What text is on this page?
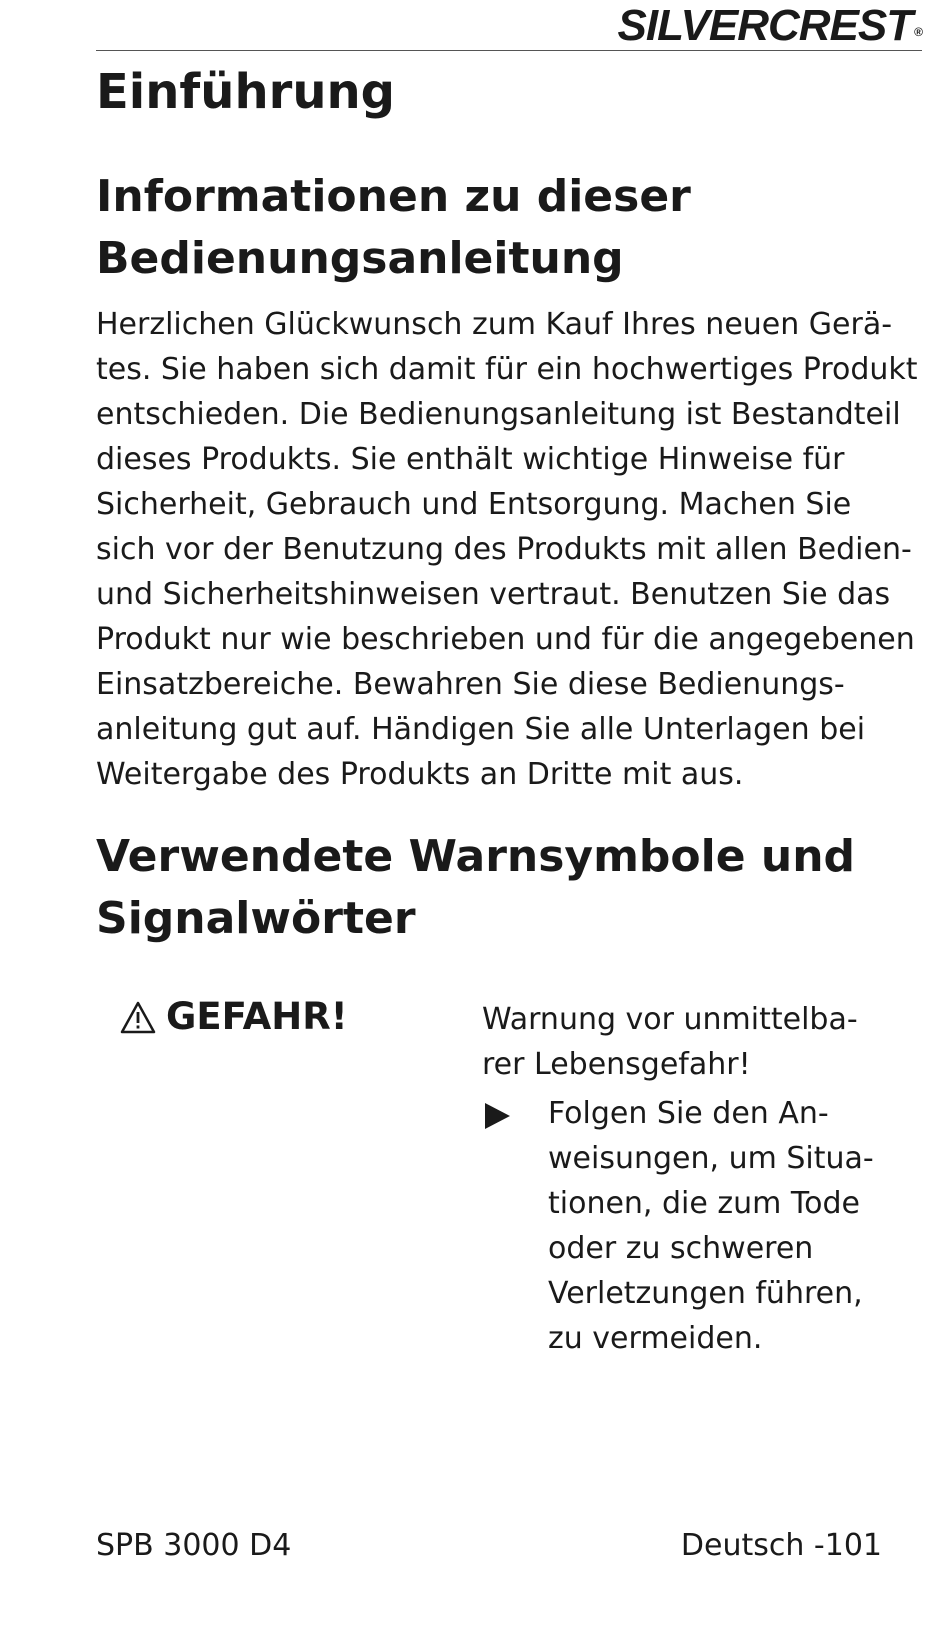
SILVERCREST ®
Einführung
Informationen zu dieser
Bedienungsanleitung
Herzlichen Glückwunsch zum Kauf Ihres neuen Gerä-
tes. Sie haben sich damit für ein hochwertiges Produkt
entschieden. Die Bedienungsanleitung ist Bestandteil
dieses Produkts. Sie enthält wichtige Hinweise für
Sicherheit, Gebrauch und Entsorgung. Machen Sie
sich vor der Benutzung des Produkts mit allen Bedien-
und Sicherheitshinweisen vertraut. Benutzen Sie das
Produkt nur wie beschrieben und für die angegebenen
Einsatzbereiche. Bewahren Sie diese Bedienungs-
anleitung gut auf. Händigen Sie alle Unterlagen bei
Weitergabe des Produkts an Dritte mit aus.
Verwendete Warnsymbole und
Signalwörter
GEFAHR!	Warnung vor unmittelba-
rer Lebensgefahr!
Folgen Sie den An-
weisungen, um Situa-
tionen, die zum Tode
oder zu schweren
Verletzungen führen,
zu vermeiden.
SPB 3000 D4	Deutsch -101
